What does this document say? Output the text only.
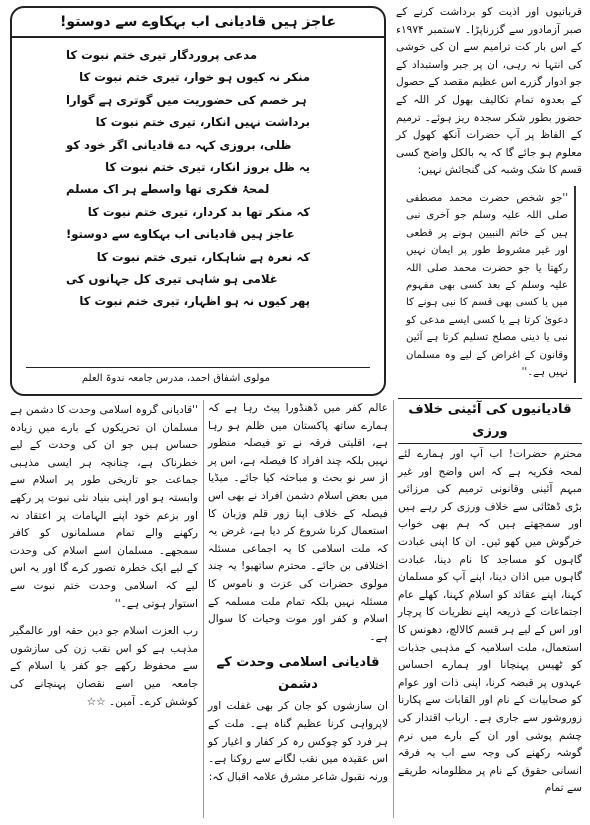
قربانیوں اور اذیت کو برداشت کرنے کے صبر آزمادور سے گزرناپڑا۔ ۷ستمبر ۱۹۷۴ء کے اس بار کت ترامیم سے ان کی خوشی کی انتہا نہ رہی، ان پر جبر واستبداد کے جو ادوار گزرے اس عظیم مقصد کے حصول کے بعدوہ تمام تکالیف بھول کر اللہ کے حضور بطور شکر سجدہ ریز ہوئے۔ ترمیم کے الفاظ پر آپ حضرات آنکھ کھول کر معلوم ہو جائے گا کہ یہ بالکل واضح کسی قسم کا شک وشبہ کی گنجائش نہیں:

''جو شخص حضرت محمد مصطفی صلی اللہ علیہ وسلم جو آخری نبی ہیں کے خاتم النبیین ہونے پر قطعی اور غیر مشروط طور پر ایمان نہیں رکھتا یا جو حضرت محمد صلی اللہ علیہ وسلم کے بعد کسی بھی مفہوم میں یا کسی بھی قسم کا نبی ہونے کا دعویٰ کرتا ہے یا کسی ایسے مدعی کو نبی یا دینی مصلح تسلیم کرتا ہے آئین وقانون کے اغراض کے لیے وہ مسلمان نہیں ہے۔''
عاجز ہیں قادیانی اب بہکاوے سے دوستو!
مدعی پروردگار تیری ختم نبوت کا
منکر نہ کیوں ہو خوار، تیری ختم نبوت کا
ہر خصم کی حضوریت میں گوتری ہے گوارا
برداشت نہیں انکار، تیری ختم نبوت کا
ظلی، بروزی کہہ دے قادیانی اگر خود کو
یہ ظل بروز انکار، تیری ختم نبوت کا
لمحۂ فکری تھا واسطے ہر اک مسلم
کہ منکر تھا بد کردار، تیری ختم نبوت کا
عاجز ہیں قادیانی اب بہکاوے سے دوستو!
کہ نعرہ ہے شاہکار، تیری ختم نبوت کا
غلامی ہو شاہی تیری کل جہانوں کی
پھر کیوں نہ ہو اظہار، تیری ختم نبوت کا
مولوی اشفاق احمد، مدرس جامعہ ندوۃ العلم
قادیانیوں کی آئینی خلاف ورزی

محترم حضرات! اب آپ اور ہمارے لئے لمحہ فکریہ ہے کہ اس واضح اور غیر مبہم آئینی وقانونی ترمیم کی مرزائی بڑی ڈھٹائی سے خلاف ورزی کر رہے ہیں اور سمجھتے ہیں کہ ہم بھی خواب خرگوش میں کھو ئیں۔ ان کا اپنی عبادت گاہوں کو مساجد کا نام دینا، عبادت گاہوں میں اذان دینا، اپنے آپ کو مسلمان کہنا، اپنے عقائد کو اسلام کہنا، کھلے عام اجتماعات کے ذریعہ اپنے نظریات کا پرچار اور اس کے لیے ہر قسم کالالچ، دھونس کا استعمال، ملت اسلامیہ کے مذہبی جذبات کو ٹھیس پہنچانا اور ہمارے احساس عہدوں پر قبضہ کرنا، اپنی ذات اور عوام کو صحابیات کے نام اور القابات سے پکارنا زوروشور سے جاری ہے۔ ارباب اقتدار کی چشم پوشی اور ان کے بارے میں نرم گوشہ رکھنے کی وجہ سے اب یہ فرقہ انسانی حقوق کے نام پر مظلومانہ طریقے سے تمام

عالم کفر میں ڈھنڈورا پیٹ رہا ہے کہ ہمارے ساتھ پاکستان میں ظلم ہو رہا ہے، اقلیتی فرقہ نے تو فیصلہ منظور نہیں بلکہ چند افراد کا فیصلہ ہے، اس پر از سر نو بحث و مباحثہ کیا جائے۔ میڈیا میں بعض اسلام دشمن افراد نے بھی اس فیصلہ کے خلاف اپنا زور قلم وزبان کا استعمال کرنا شروع کر دیا ہے، غرض یہ کہ ملت اسلامی کا یہ اجماعی مسئلہ اختلافی بن جائے۔ محترم ساتھیو! یہ چند مولوی حضرات کی عزت و ناموس کا مسئلہ نہیں بلکہ تمام ملت مسلمہ کے اسلام و کفر اور موت وحیات کا سوال ہے۔

قادیانی اسلامی وحدت کے دشمن

ان سازشوں کو جان کر بھی غفلت اور لاپرواہی کرنا عظیم گناہ ہے۔ ملت کے ہر فرد کو چوکس رہ کر کفار و اغیار کو اس عقیدہ میں نقب لگانے سے روکنا ہے۔ ورنہ نقبول شاعر مشرق علامہ اقبال کہ:

''قادیانی گروہ اسلامی وحدت کا دشمن ہے مسلمان ان تحریکوں کے بارے میں زیادہ حساس ہیں جو ان کی وحدت کے لیے خطرناک ہے، چنانچہ ہر ایسی مذہبی جماعت جو تاریخی طور پر اسلام سے وابستہ ہو اور اپنی بنیاد نئی نبوت پر رکھے اور بزعم خود اپنے الہامات پر اعتقاد نہ رکھنے والے تمام مسلمانوں کو کافر سمجھے۔ مسلمان اسے اسلام کی وحدت کے لیے ایک خطرہ تصور کرے گا اور یہ اس لیے کہ اسلامی وحدت ختم نبوت سے استوار ہوتی ہے۔''

رب العزت اسلام جو دین حقہ اور عالمگیر مذہب ہے کو اس نقب زن کی سازشوں سے محفوظ رکھے جو کفر یا اسلام کے جامعہ میں اسے نقصان پہنچانے کی کوشش کرے۔ آمین۔ ☆☆
